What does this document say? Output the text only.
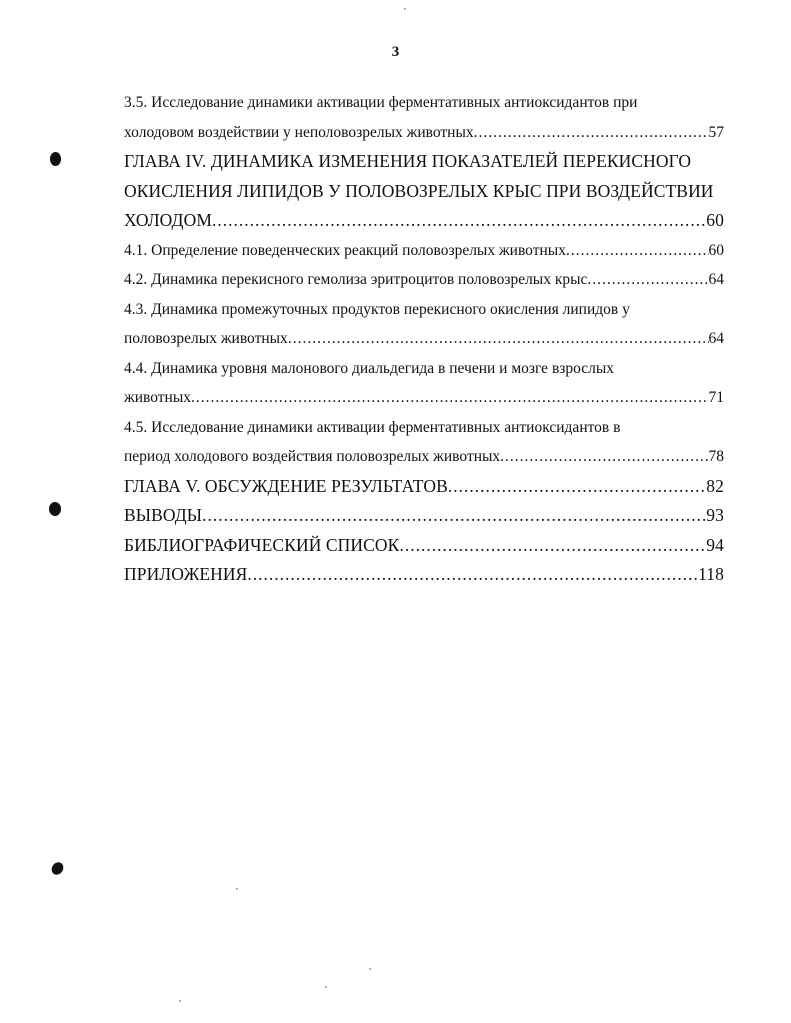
3
3.5. Исследование динамики активации ферментативных антиоксидантов при
холодовом воздействии у неполовозрелых животных .....	57
ГЛАВА IV. ДИНАМИКА ИЗМЕНЕНИЯ ПОКАЗАТЕЛЕЙ ПЕРЕКИСНОГО
ОКИСЛЕНИЯ ЛИПИДОВ У ПОЛОВОЗРЕЛЫХ КРЫС ПРИ ВОЗДЕЙСТВИИ
ХОЛОДОМ .....	60
4.1. Определение поведенческих реакций половозрелых животных .....	60
4.2. Динамика перекисного гемолиза эритроцитов половозрелых крыс .....	64
4.3. Динамика промежуточных продуктов перекисного окисления липидов у
половозрелых животных .....	64
4.4. Динамика уровня малонового диальдегида в печени и мозге взрослых
животных .....	71
4.5. Исследование динамики активации ферментативных антиоксидантов в
период холодового воздействия половозрелых животных .....	78
ГЛАВА V. ОБСУЖДЕНИЕ РЕЗУЛЬТАТОВ .....	82
ВЫВОДЫ .....	93
БИБЛИОГРАФИЧЕСКИЙ СПИСОК .....	94
ПРИЛОЖЕНИЯ .....	118
